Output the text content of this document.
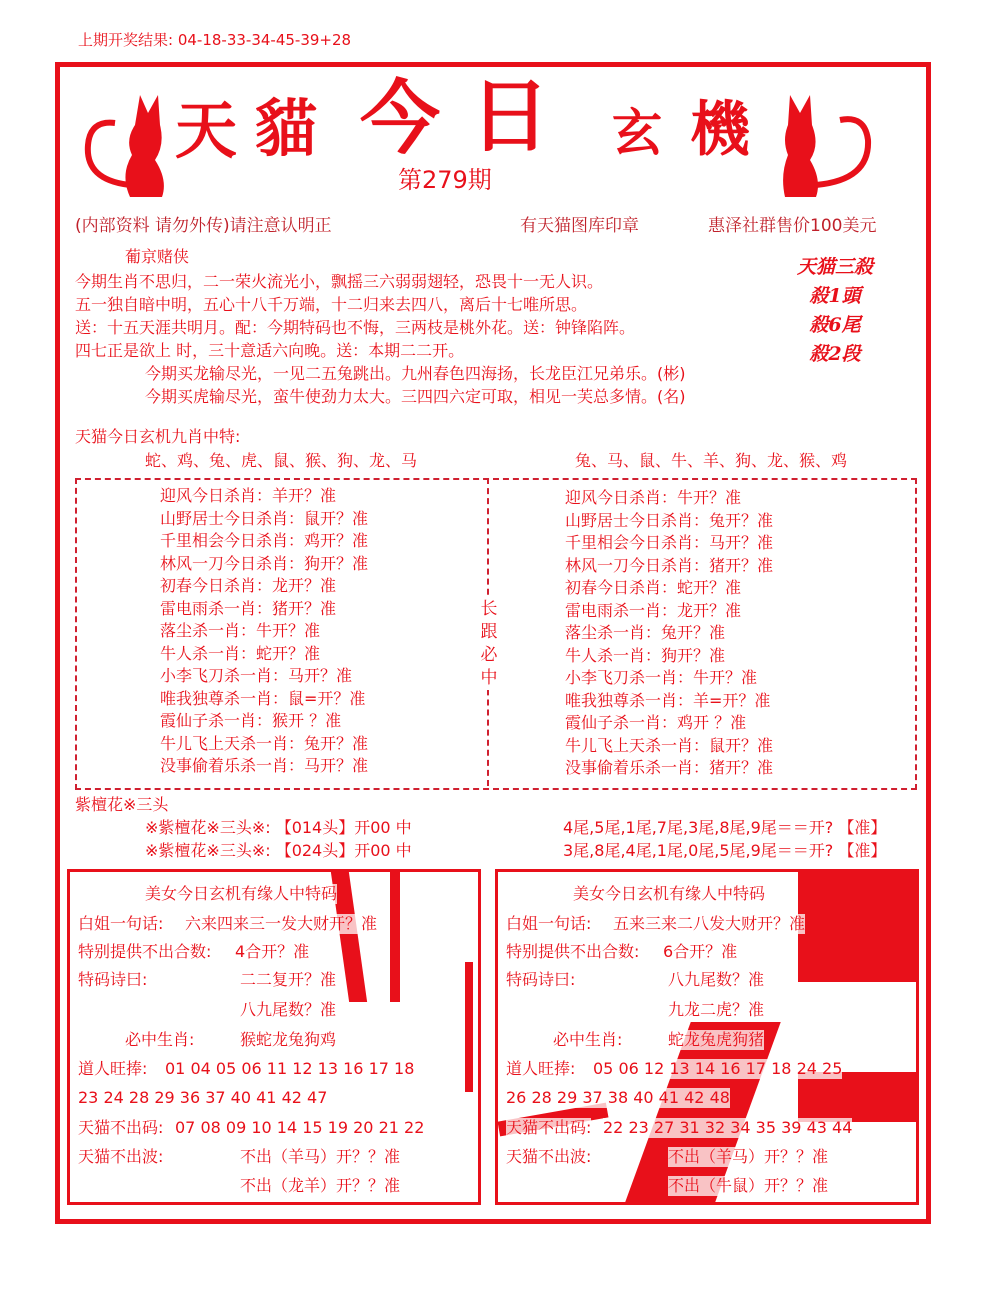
上期开奖结果: 04-18-33-34-45-39+28
天 貓 今 日 玄 機
第279期
(内部资料 请勿外传)请注意认明正	有天猫图库印章	惠泽社群售价100美元
葡京赌侠
今期生肖不思归，二一荣火流光小，飘摇三六弱弱翅轻，恐畏十一无人识。
五一独自暗中明，五心十八千万端，十二归来去四八，离后十七唯所思。
送：十五天涯共明月。配：今期特码也不悔，三两枝是桃外花。送：钟锋陷阵。
四七正是欲上 时，三十意适六向晚。送：本期二二开。
今期买龙输尽光，一见二五兔跳出。九州春色四海扬，长龙臣江兄弟乐。(彬)
今期买虎输尽光，蛮牛使劲力太大。三四四六定可取，相见一芙总多情。(名)
天猫三殺
殺1頭
殺6尾
殺2段
天猫今日玄机九肖中特:
蛇、鸡、兔、虎、鼠、猴、狗、龙、马	兔、马、鼠、牛、羊、狗、龙、猴、鸡
长跟必中
迎风今日杀肖：羊开？准
山野居士今日杀肖：鼠开？准
千里相会今日杀肖：鸡开？准
林风一刀今日杀肖：狗开？准
初春今日杀肖：龙开？准
雷电雨杀一肖：猪开？准
落尘杀一肖：牛开？准
牛人杀一肖：蛇开？准
小李飞刀杀一肖：马开？准
唯我独尊杀一肖：鼠=开？准
霞仙子杀一肖：猴开 ？准
牛儿飞上天杀一肖：兔开？准
没事偷着乐杀一肖：马开？准
迎风今日杀肖：牛开？准
山野居士今日杀肖：兔开？准
千里相会今日杀肖：马开？准
林风一刀今日杀肖：猪开？准
初春今日杀肖：蛇开？准
雷电雨杀一肖：龙开？准
落尘杀一肖：兔开？准
牛人杀一肖：狗开？准
小李飞刀杀一肖：牛开？准
唯我独尊杀一肖：羊=开？准
霞仙子杀一肖：鸡开 ？准
牛儿飞上天杀一肖：鼠开？准
没事偷着乐杀一肖：猪开？准
紫檀花※三头
※紫檀花※三头※: 【014头】开00 中	4尾,5尾,1尾,7尾,3尾,8尾,9尾＝＝开? 【准】
※紫檀花※三头※: 【024头】开00 中	3尾,8尾,4尾,1尾,0尾,5尾,9尾＝＝开? 【准】
美女今日玄机有缘人中特码
白姐一句话: 六来四来三一发大财开？准
特别提供不出合数: 4合开？准
特码诗曰:	二二复开？准
八九尾数？准
必中生肖:	猴蛇龙兔狗鸡
道人旺捧: 01 04 05 06 11 12 13 16 17 18
23 24 28 29 36 37 40 41 42 47
天猫不出码: 07 08 09 10 14 15 19 20 21 22
天猫不出波:	不出（羊马）开？？准
不出（龙羊）开？？准
美女今日玄机有缘人中特码
白姐一句话: 五来三来二八发大财开？准
特别提供不出合数: 6合开？准
特码诗曰:	八九尾数？准
九龙二虎？准
必中生肖:	蛇龙兔虎狗猪
道人旺捧: 05 06 12 13 14 16 17 18 24 25
26 28 29 37 38 40 41 42 48
天猫不出码: 22 23 27 31 32 34 35 39 43 44
天猫不出波:	不出（羊马）开？？准
不出（牛鼠）开？？准
